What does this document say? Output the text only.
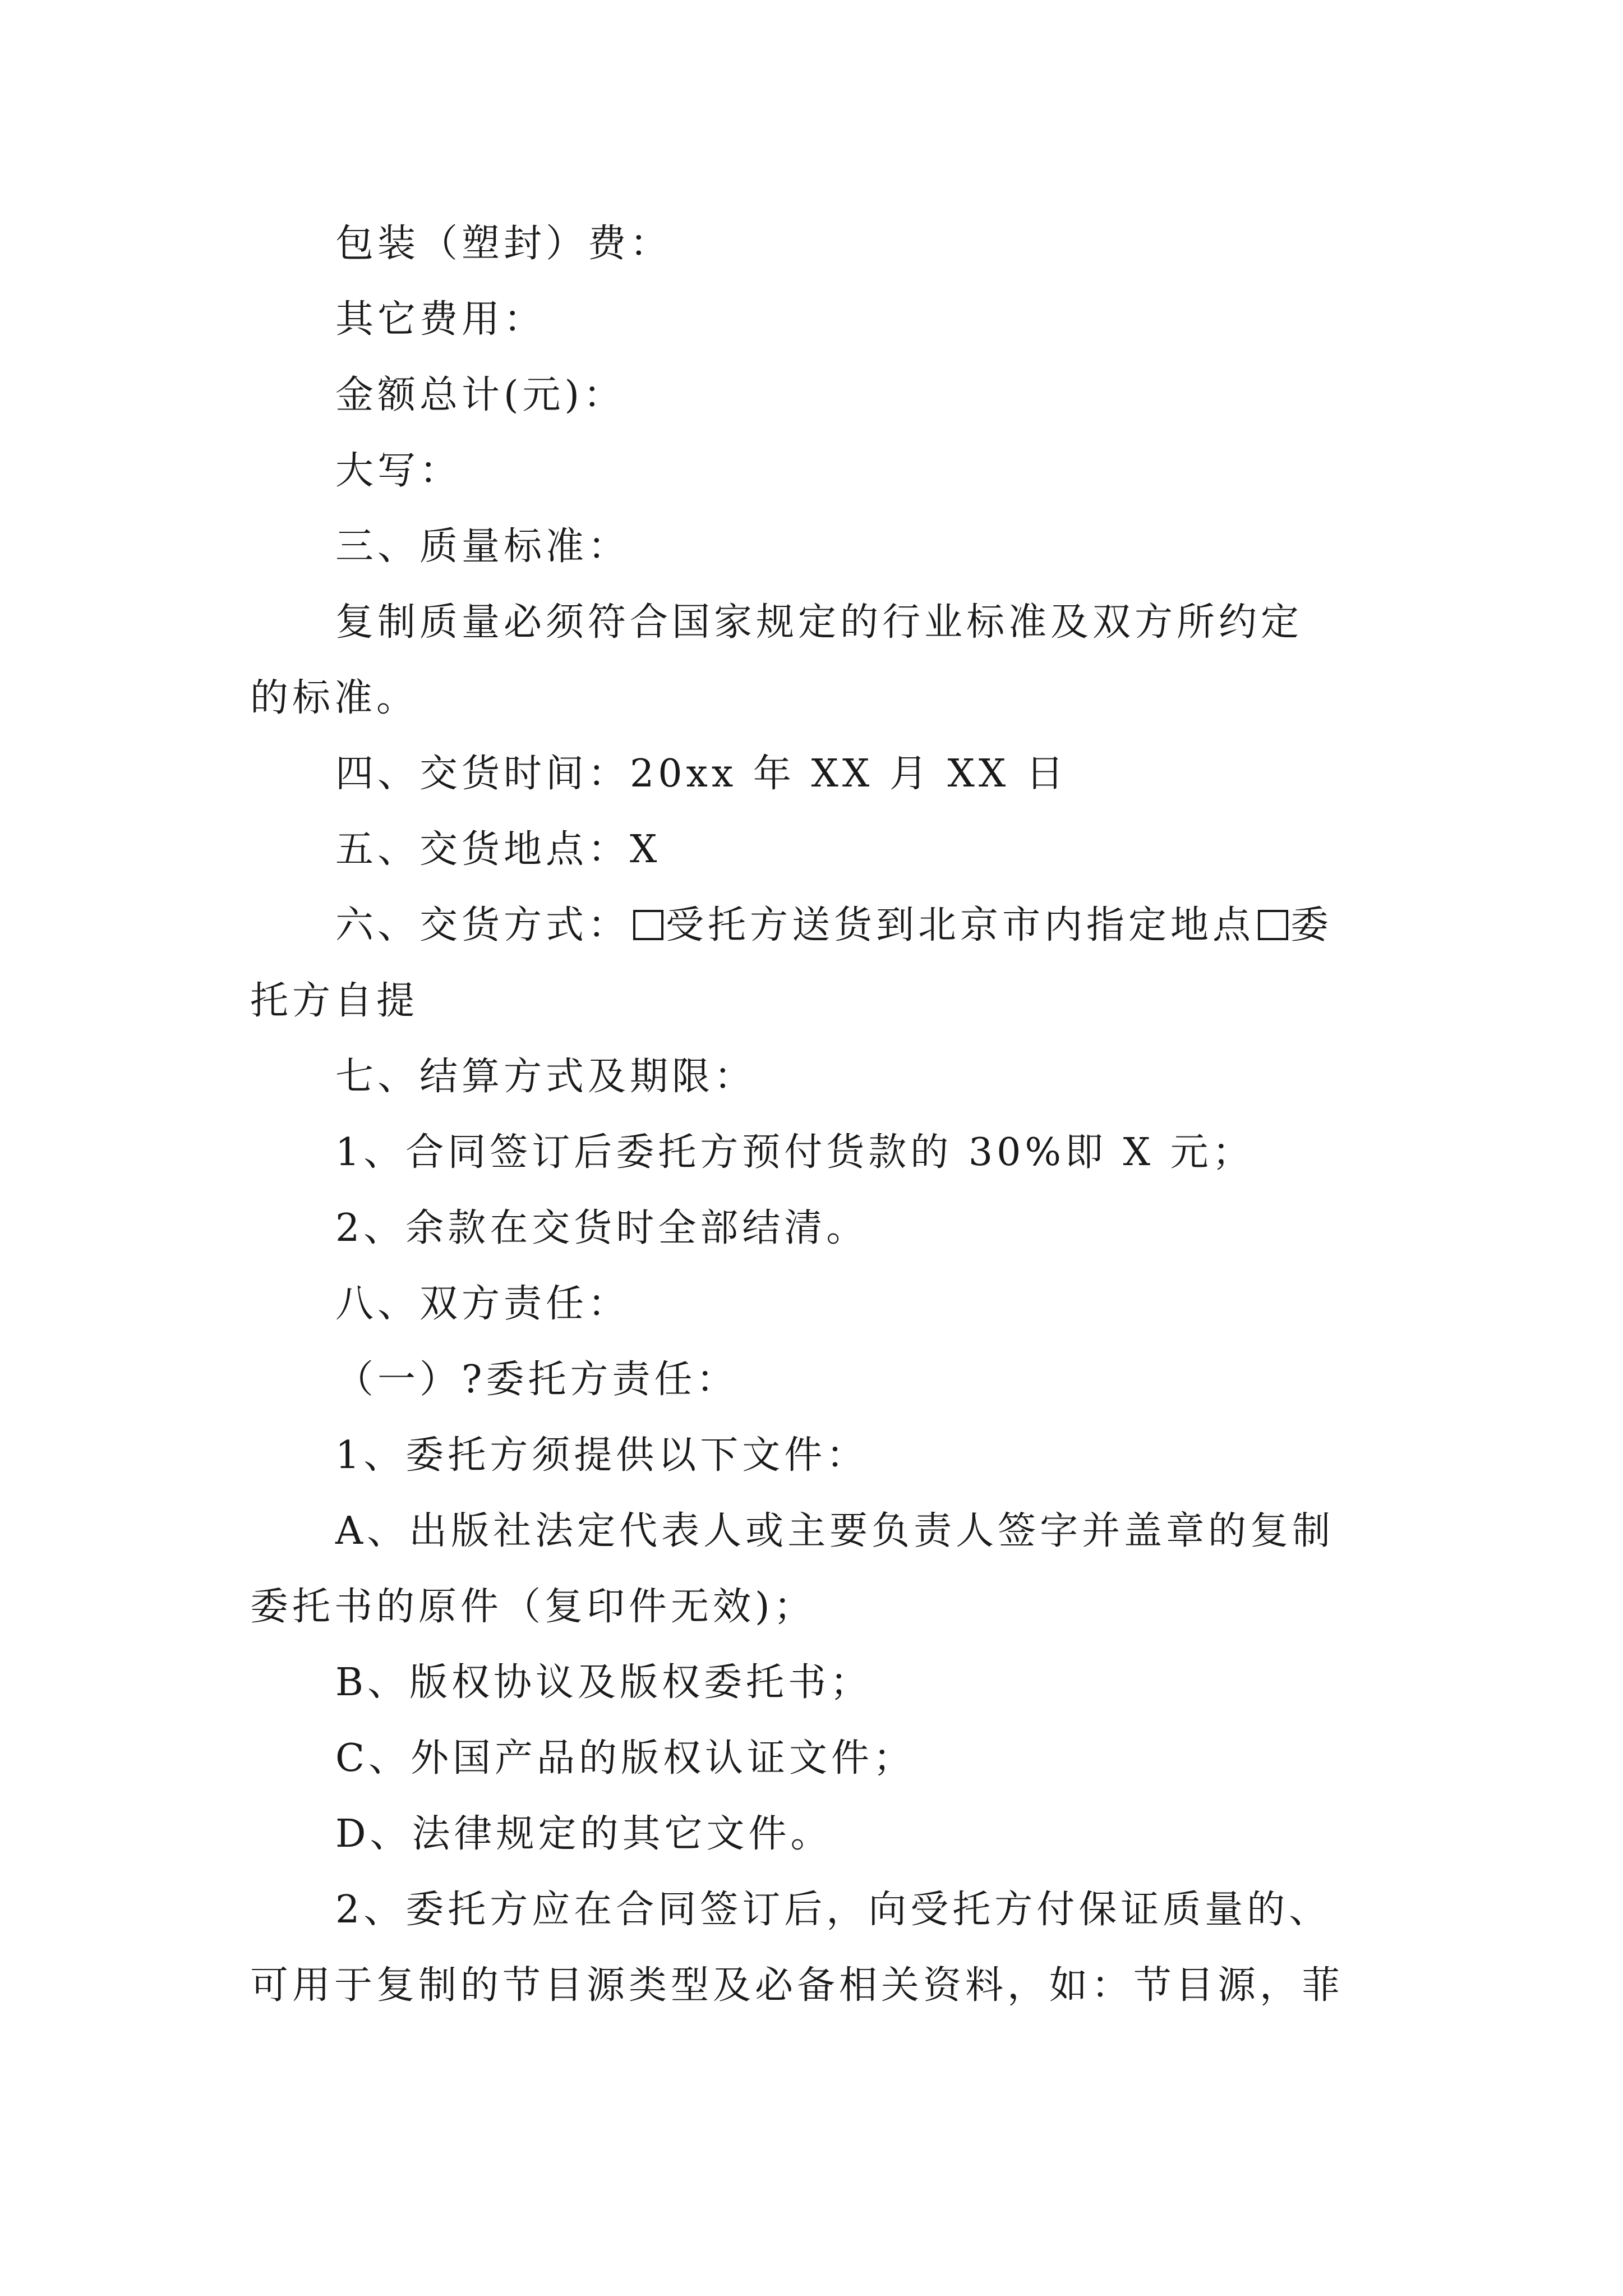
包装（塑封）费：

其它费用：

金额总计(元)：

大写：

三、质量标准：

复制质量必须符合国家规定的行业标准及双方所约定

的标准。

四、交货时间：20xx 年 XX 月 XX 日

五、交货地点：X

六、交货方式： 受托方送货到北京市内指定地点 委

托方自提

七、结算方式及期限：

1、合同签订后委托方预付货款的 30%即 X 元；

2、余款在交货时全部结清。

八、双方责任：

（一）?委托方责任：

1、委托方须提供以下文件：

A、出版社法定代表人或主要负责人签字并盖章的复制

委托书的原件（复印件无效)；

B、版权协议及版权委托书；

C、外国产品的版权认证文件；

D、法律规定的其它文件。

2、委托方应在合同签订后，向受托方付保证质量的、

可用于复制的节目源类型及必备相关资料，如：节目源，菲
